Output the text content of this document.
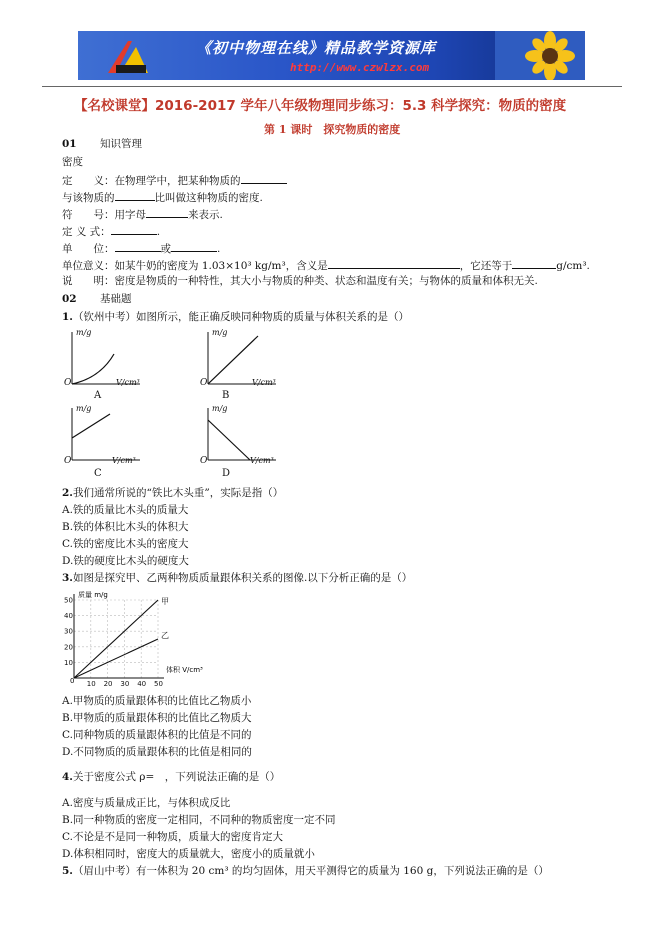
《初中物理在线》精品教学资源库
http://www.czwlzx.com
【名校课堂】2016-2017 学年八年级物理同步练习：5.3 科学探究：物质的密度
第 1 课时　探究物质的密度
01 知识管理
密度
定　　义：在物理学中，把某种物质的
与该物质的	比叫做这种物质的密度.
符　　号：用字母	来表示.
定 义 式：	.
单　　位：	或	.
单位意义：如某牛奶的密度为 1.03×10³ kg/m³，含义是	，它还等于	g/cm³.
说　　明：密度是物质的一种特性，其大小与物质的种类、状态和温度有关；与物体的质量和体积无关.
02 基础题
1.（钦州中考）如图所示，能正确反映同种物质的质量与体积关系的是（）
m/g
V/cm³
O
A
m/g
V/cm³
O
B
m/g
V/cm³
O
C
m/g
V/cm³
O
D
2.我们通常所说的“铁比木头重”，实际是指（）
A.铁的质量比木头的质量大
B.铁的体积比木头的体积大
C.铁的密度比木头的密度大
D.铁的硬度比木头的硬度大
3.如图是探究甲、乙两种物质质量跟体积关系的图像.以下分析正确的是（）
10 20 30 40 50
10
20
30
40
50
质量 m/g
体积 V/cm³
0
甲
乙
A.甲物质的质量跟体积的比值比乙物质小
B.甲物质的质量跟体积的比值比乙物质大
C.同种物质的质量跟体积的比值是不同的
D.不同物质的质量跟体积的比值是相同的
4.关于密度公式 ρ=　，下列说法正确的是（）
A.密度与质量成正比，与体积成反比
B.同一种物质的密度一定相同，不同种的物质密度一定不同
C.不论是不是同一种物质，质量大的密度肯定大
D.体积相同时，密度大的质量就大，密度小的质量就小
5.（眉山中考）有一体积为 20 cm³ 的均匀固体，用天平测得它的质量为 160 g，下列说法正确的是（）
